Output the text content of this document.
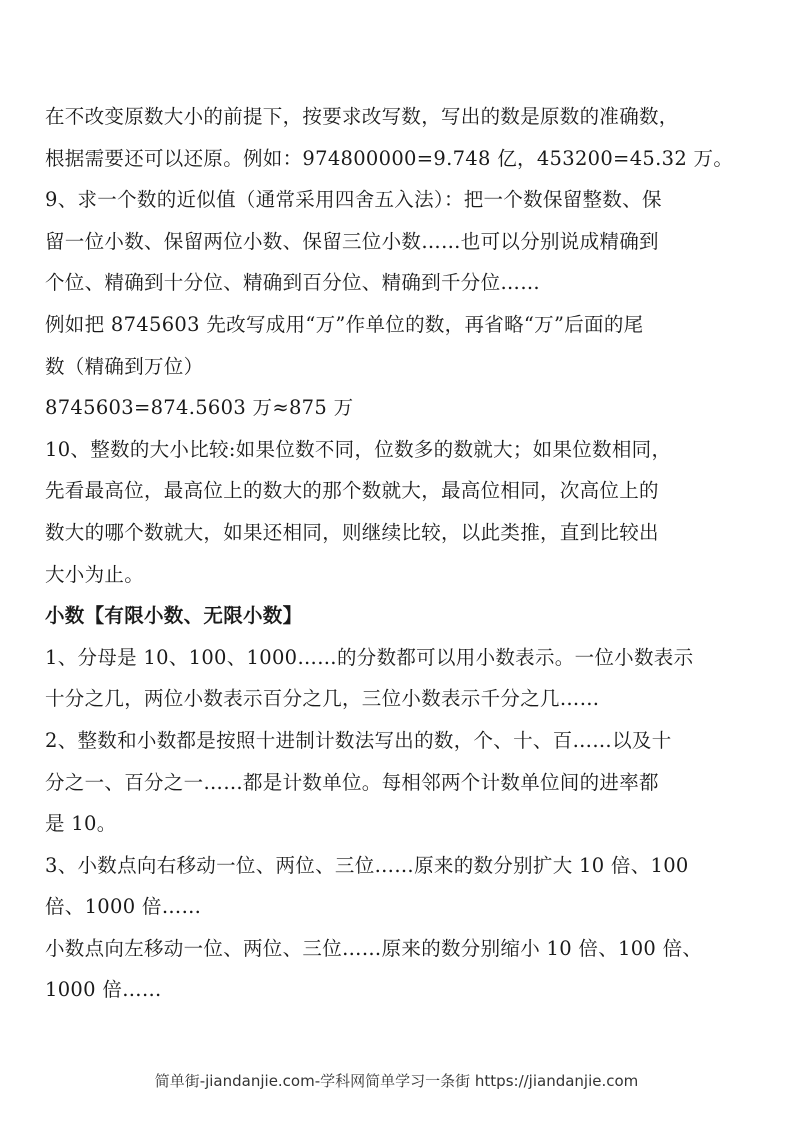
在不改变原数大小的前提下，按要求改写数，写出的数是原数的准确数，
根据需要还可以还原。例如：974800000=9.748 亿，453200=45.32 万。
9、求一个数的近似值（通常采用四舍五入法）：把一个数保留整数、保
留一位小数、保留两位小数、保留三位小数……也可以分别说成精确到
个位、精确到十分位、精确到百分位、精确到千分位……
例如把 8745603 先改写成用“万”作单位的数，再省略“万”后面的尾
数（精确到万位）
8745603=874.5603 万≈875 万
10、整数的大小比较:如果位数不同，位数多的数就大；如果位数相同，
先看最高位，最高位上的数大的那个数就大，最高位相同，次高位上的
数大的哪个数就大，如果还相同，则继续比较，以此类推，直到比较出
大小为止。
小数【有限小数、无限小数】
1、分母是 10、100、1000……的分数都可以用小数表示。一位小数表示
十分之几，两位小数表示百分之几，三位小数表示千分之几……
2、整数和小数都是按照十进制计数法写出的数，个、十、百……以及十
分之一、百分之一……都是计数单位。每相邻两个计数单位间的进率都
是 10。
3、小数点向右移动一位、两位、三位……原来的数分别扩大 10 倍、100
倍、1000 倍……
小数点向左移动一位、两位、三位……原来的数分别缩小 10 倍、100 倍、
1000 倍……
简单街-jiandanjie.com-学科网简单学习一条街 https://jiandanjie.com
